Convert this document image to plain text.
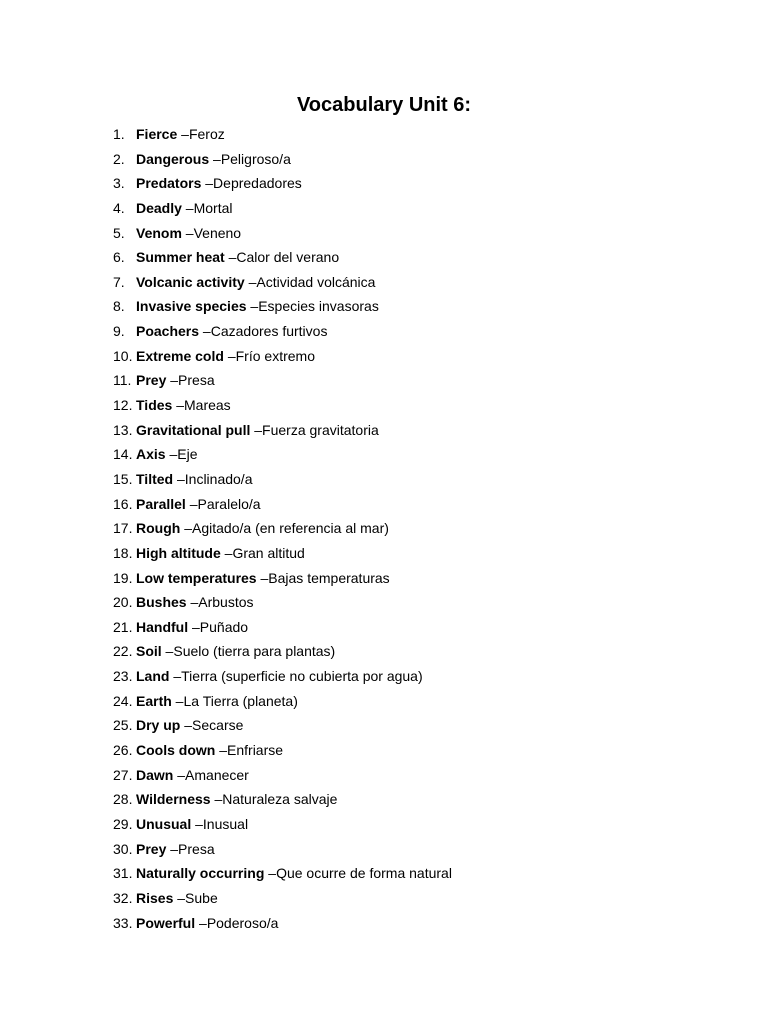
Vocabulary Unit 6:
1. Fierce – Feroz
2. Dangerous – Peligroso/a
3. Predators – Depredadores
4. Deadly – Mortal
5. Venom – Veneno
6. Summer heat – Calor del verano
7. Volcanic activity – Actividad volcánica
8. Invasive species – Especies invasoras
9. Poachers – Cazadores furtivos
10. Extreme cold – Frío extremo
11. Prey – Presa
12. Tides – Mareas
13. Gravitational pull – Fuerza gravitatoria
14. Axis – Eje
15. Tilted – Inclinado/a
16. Parallel – Paralelo/a
17. Rough – Agitado/a (en referencia al mar)
18. High altitude – Gran altitud
19. Low temperatures – Bajas temperaturas
20. Bushes – Arbustos
21. Handful – Puñado
22. Soil – Suelo (tierra para plantas)
23. Land – Tierra (superficie no cubierta por agua)
24. Earth – La Tierra (planeta)
25. Dry up – Secarse
26. Cools down – Enfriarse
27. Dawn – Amanecer
28. Wilderness – Naturaleza salvaje
29. Unusual – Inusual
30. Prey – Presa
31. Naturally occurring – Que ocurre de forma natural
32. Rises – Sube
33. Powerful – Poderoso/a
